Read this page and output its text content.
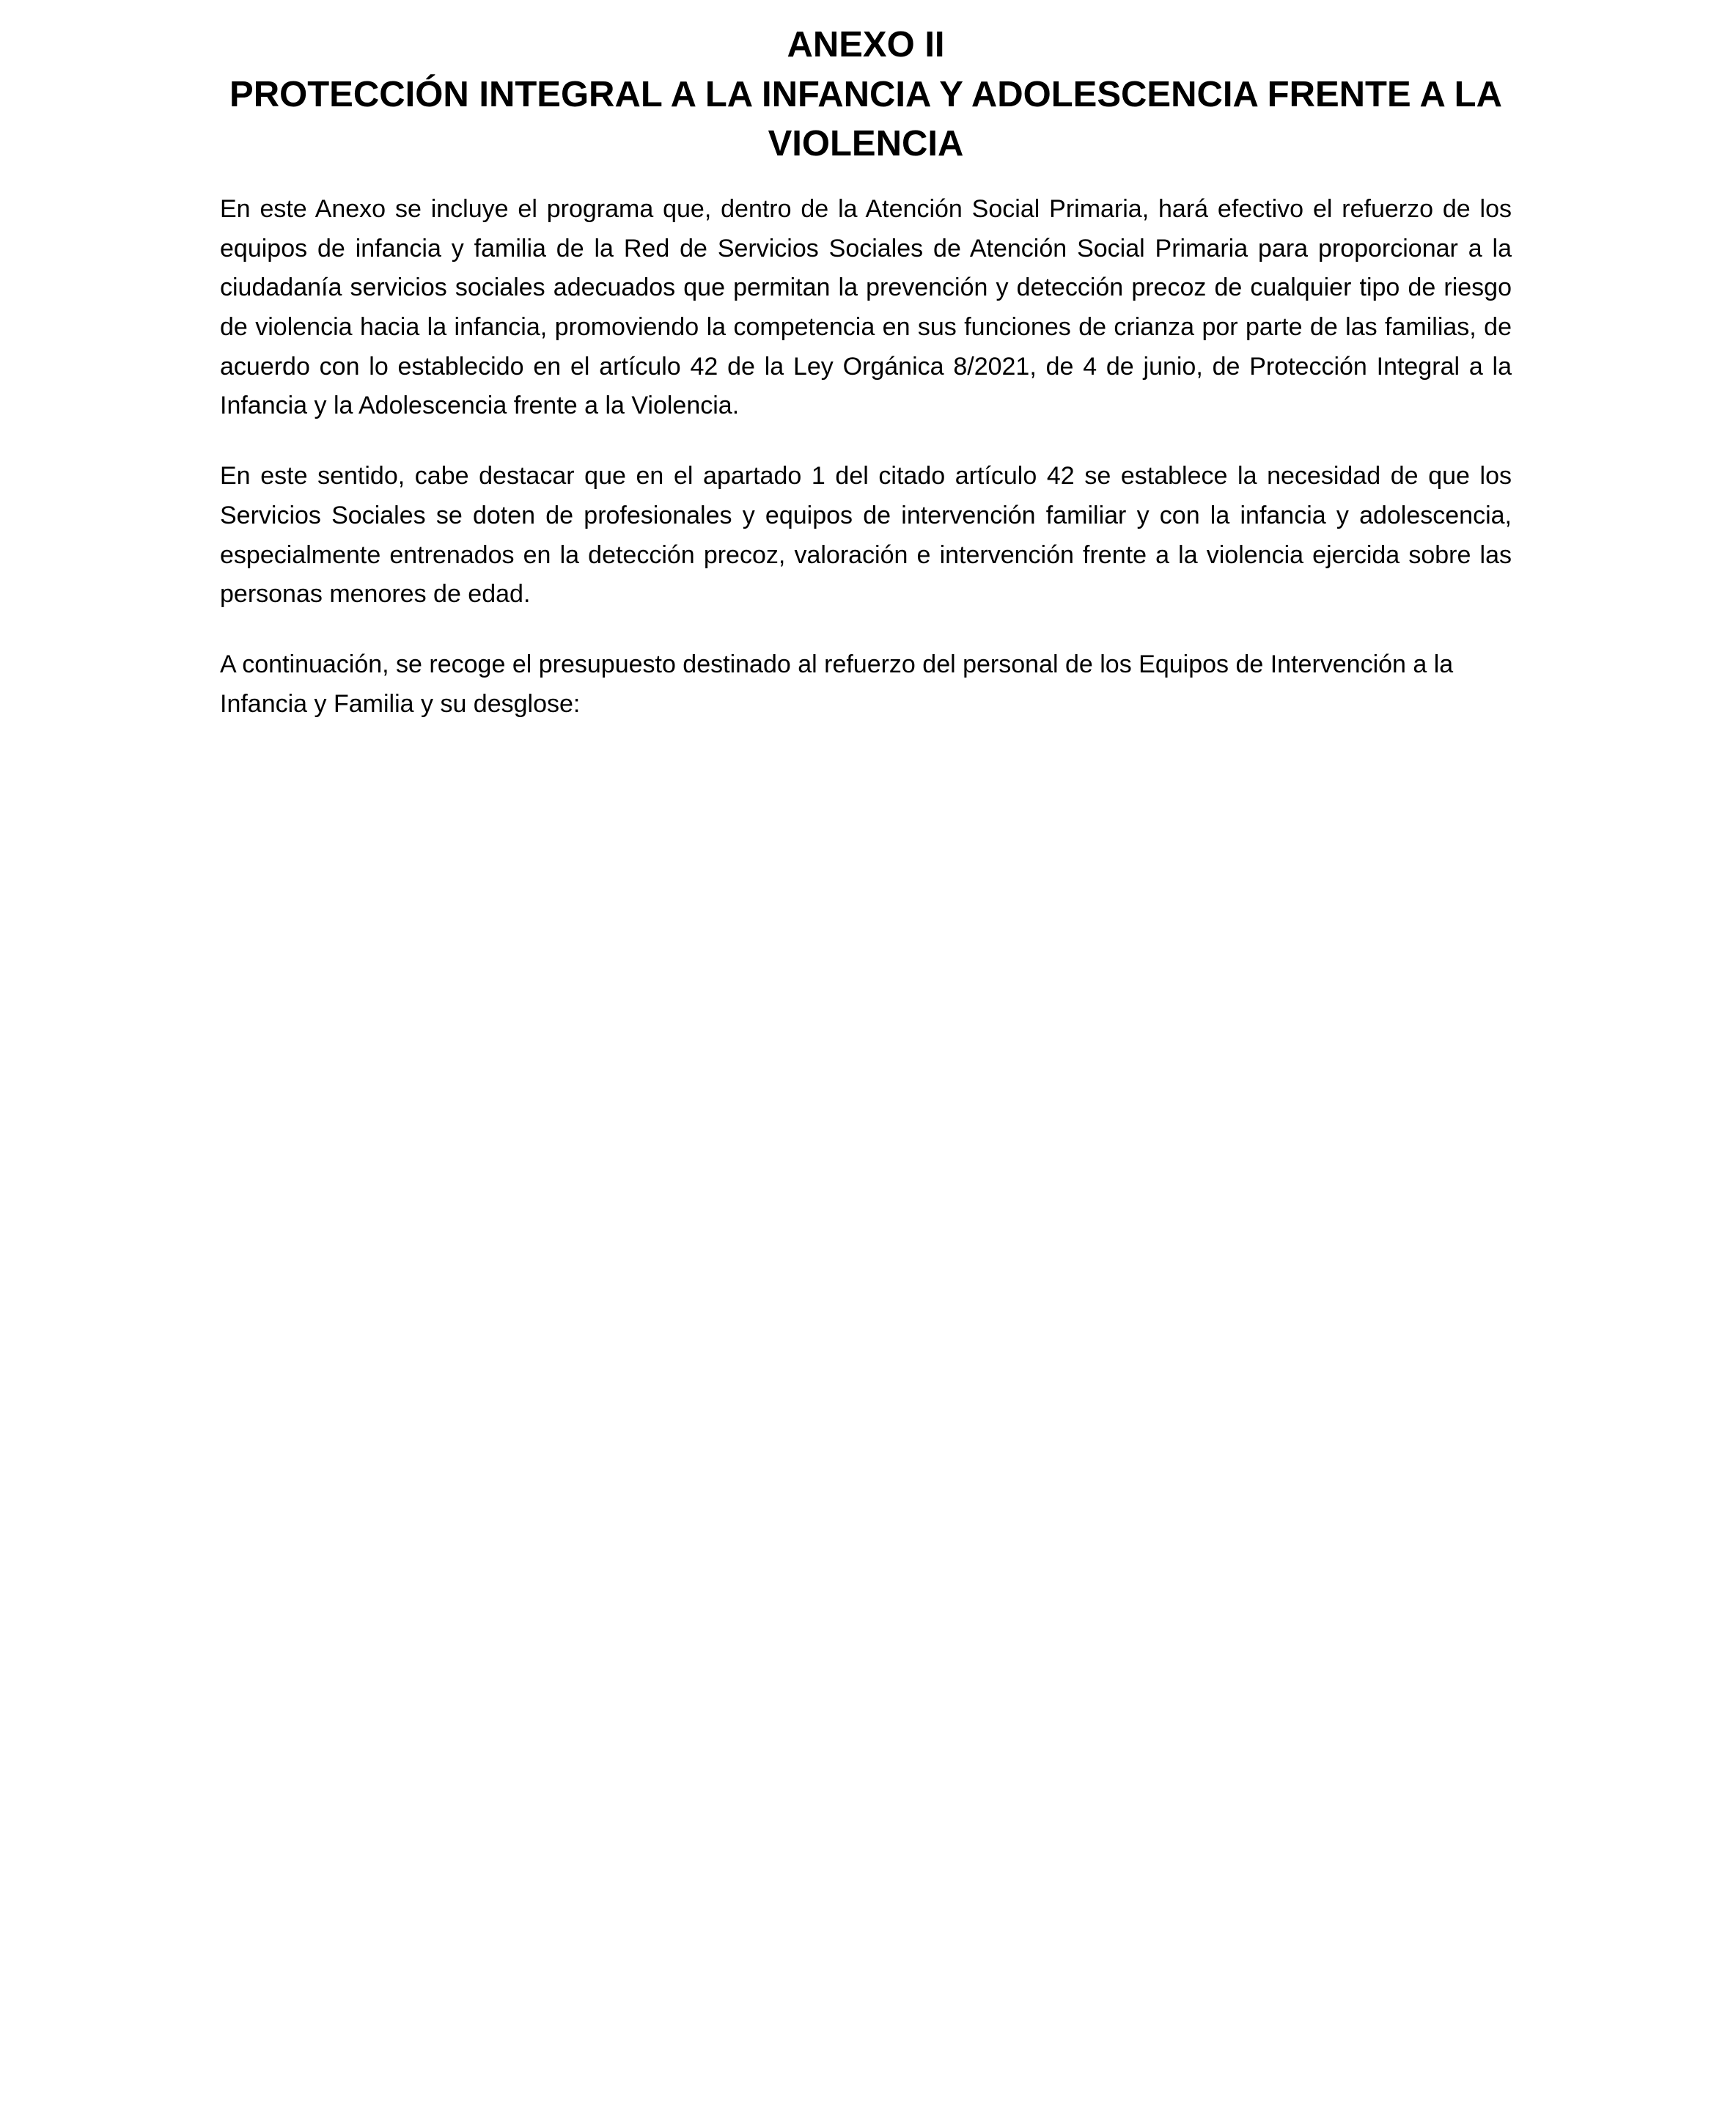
ANEXO II
PROTECCIÓN INTEGRAL A LA INFANCIA Y ADOLESCENCIA FRENTE A LA VIOLENCIA

En este Anexo se incluye el programa que, dentro de la Atención Social Primaria, hará efectivo el refuerzo de los equipos de infancia y familia de la Red de Servicios Sociales de Atención Social Primaria para proporcionar a la ciudadanía servicios sociales adecuados que permitan la prevención y detección precoz de cualquier tipo de riesgo de violencia hacia la infancia, promoviendo la competencia en sus funciones de crianza por parte de las familias, de acuerdo con lo establecido en el artículo 42 de la Ley Orgánica 8/2021, de 4 de junio, de Protección Integral a la Infancia y la Adolescencia frente a la Violencia.

En este sentido, cabe destacar que en el apartado 1 del citado artículo 42 se establece la necesidad de que los Servicios Sociales se doten de profesionales y equipos de intervención familiar y con la infancia y adolescencia, especialmente entrenados en la detección precoz, valoración e intervención frente a la violencia ejercida sobre las personas menores de edad.

A continuación, se recoge el presupuesto destinado al refuerzo del personal de los Equipos de Intervención a la Infancia y Familia y su desglose:
